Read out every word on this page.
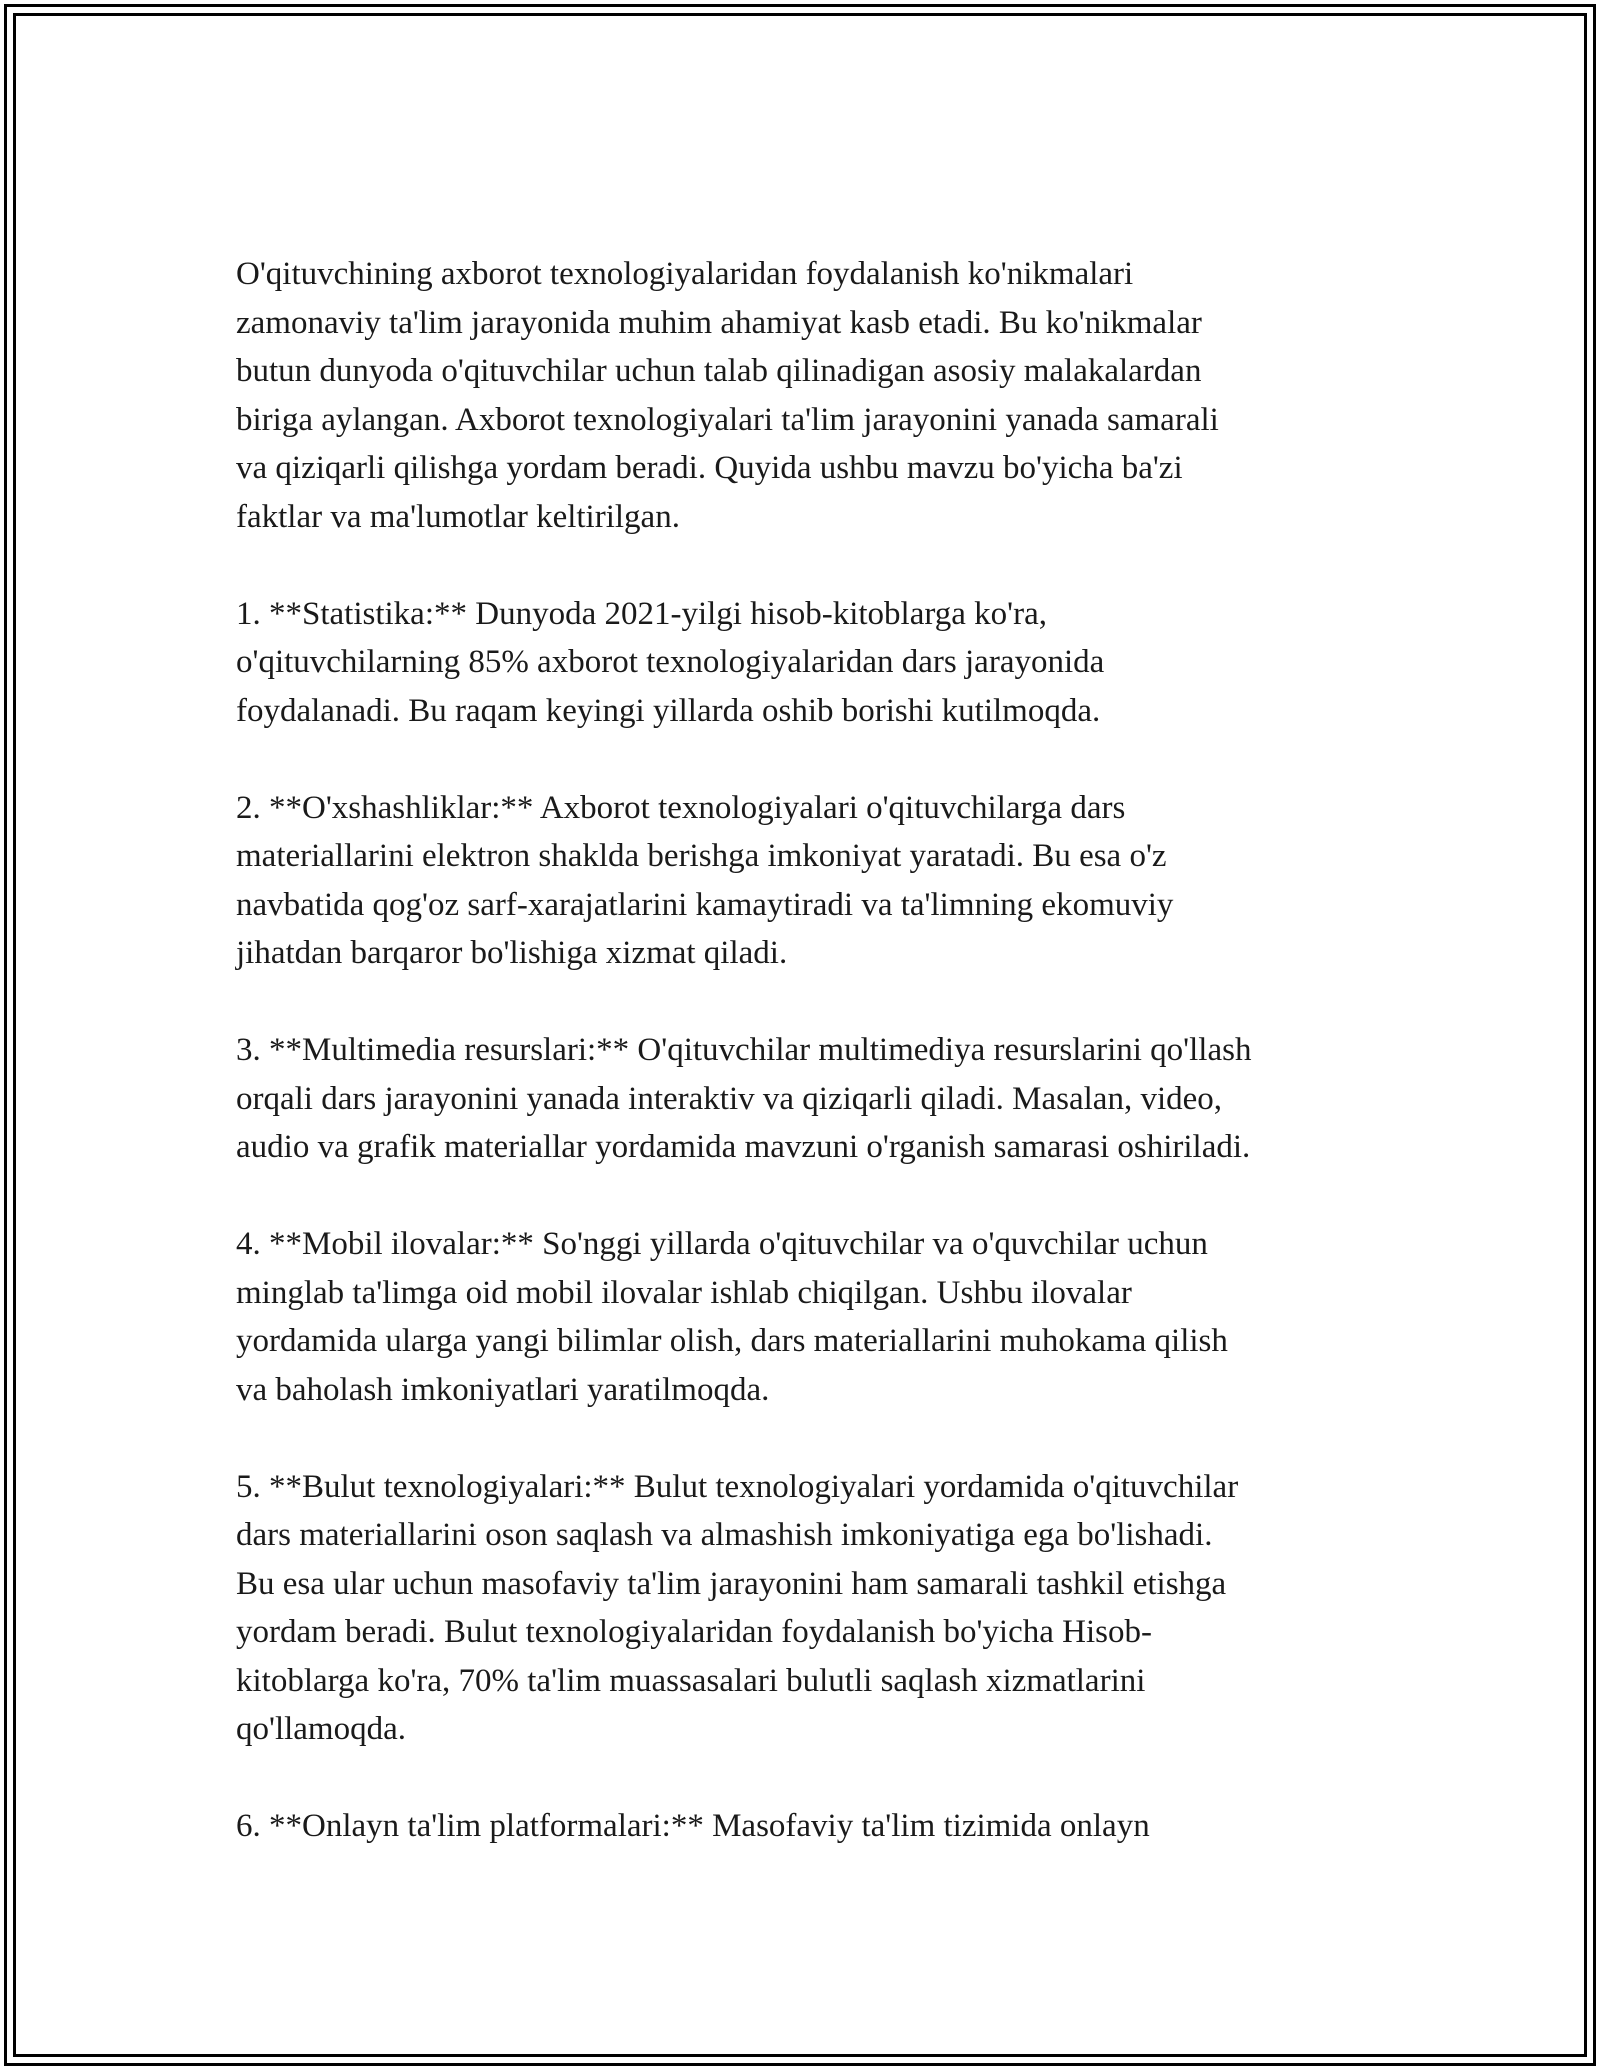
O'qituvchining axborot texnologiyalaridan foydalanish ko'nikmalari
zamonaviy ta'lim jarayonida muhim ahamiyat kasb etadi. Bu ko'nikmalar
butun dunyoda o'qituvchilar uchun talab qilinadigan asosiy malakalardan
biriga aylangan. Axborot texnologiyalari ta'lim jarayonini yanada samarali
va qiziqarli qilishga yordam beradi. Quyida ushbu mavzu bo'yicha ba'zi
faktlar va ma'lumotlar keltirilgan.
1. **Statistika:** Dunyoda 2021-yilgi hisob-kitoblarga ko'ra,
o'qituvchilarning 85% axborot texnologiyalaridan dars jarayonida
foydalanadi. Bu raqam keyingi yillarda oshib borishi kutilmoqda.
2. **O'xshashliklar:** Axborot texnologiyalari o'qituvchilarga dars
materiallarini elektron shaklda berishga imkoniyat yaratadi. Bu esa o'z
navbatida qog'oz sarf-xarajatlarini kamaytiradi va ta'limning ekomuviy
jihatdan barqaror bo'lishiga xizmat qiladi.
3. **Multimedia resurslari:** O'qituvchilar multimediya resurslarini qo'llash
orqali dars jarayonini yanada interaktiv va qiziqarli qiladi. Masalan, video,
audio va grafik materiallar yordamida mavzuni o'rganish samarasi oshiriladi.
4. **Mobil ilovalar:** So'nggi yillarda o'qituvchilar va o'quvchilar uchun
minglab ta'limga oid mobil ilovalar ishlab chiqilgan. Ushbu ilovalar
yordamida ularga yangi bilimlar olish, dars materiallarini muhokama qilish
va baholash imkoniyatlari yaratilmoqda.
5. **Bulut texnologiyalari:** Bulut texnologiyalari yordamida o'qituvchilar
dars materiallarini oson saqlash va almashish imkoniyatiga ega bo'lishadi.
Bu esa ular uchun masofaviy ta'lim jarayonini ham samarali tashkil etishga
yordam beradi. Bulut texnologiyalaridan foydalanish bo'yicha Hisob-
kitoblarga ko'ra, 70% ta'lim muassasalari bulutli saqlash xizmatlarini
qo'llamoqda.
6. **Onlayn ta'lim platformalari:** Masofaviy ta'lim tizimida onlayn
